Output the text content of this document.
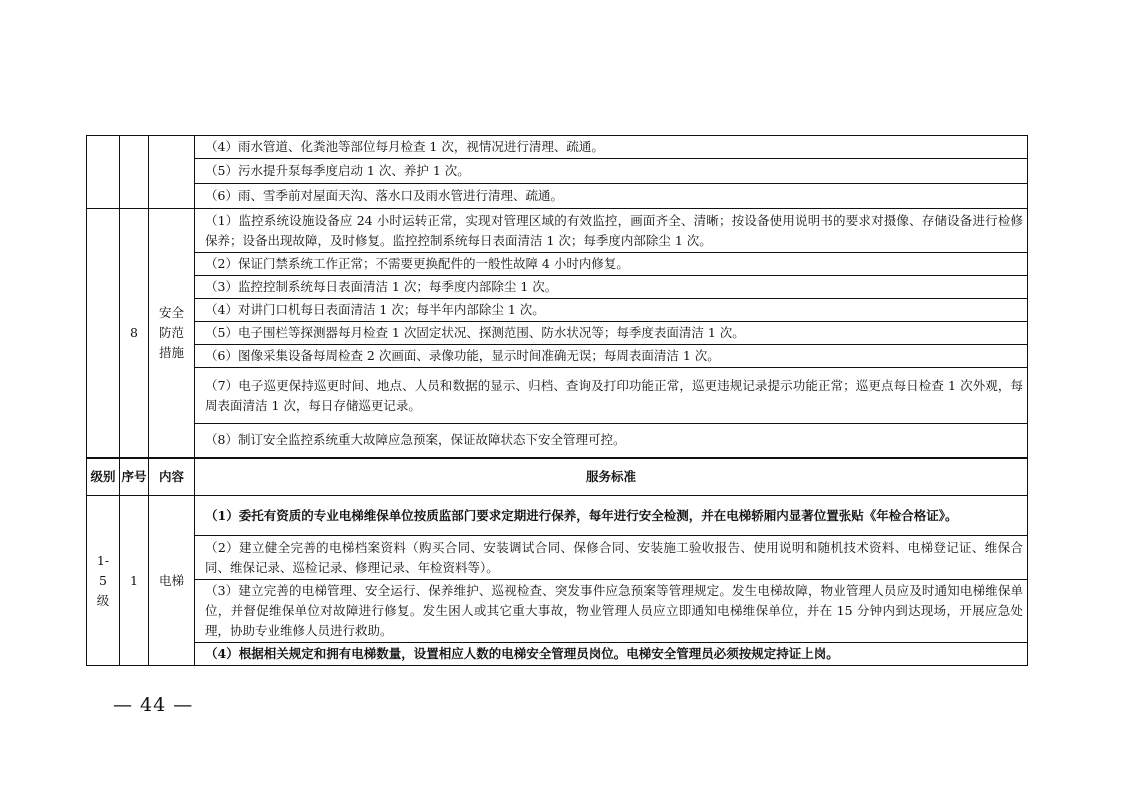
			（4）雨水管道、化粪池等部位每月检查 1 次，视情况进行清理、疏通。
			（5）污水提升泵每季度启动 1 次、养护 1 次。
			（6）雨、雪季前对屋面天沟、落水口及雨水管进行清理、疏通。
	8	安全防范措施	（1）监控系统设施设备应 24 小时运转正常，实现对管理区域的有效监控，画面齐全、清晰；按设备使用说明书的要求对摄像、存储设备进行检修保养；设备出现故障，及时修复。监控控制系统每日表面清洁 1 次；每季度内部除尘 1 次。
			（2）保证门禁系统工作正常；不需要更换配件的一般性故障 4 小时内修复。
			（3）监控控制系统每日表面清洁 1 次；每季度内部除尘 1 次。
			（4）对讲门口机每日表面清洁 1 次；每半年内部除尘 1 次。
			（5）电子围栏等探测器每月检查 1 次固定状况、探测范围、防水状况等；每季度表面清洁 1 次。
			（6）图像采集设备每周检查 2 次画面、录像功能，显示时间准确无误；每周表面清洁 1 次。
			（7）电子巡更保持巡更时间、地点、人员和数据的显示、归档、查询及打印功能正常，巡更违规记录提示功能正常；巡更点每日检查 1 次外观，每周表面清洁 1 次，每日存储巡更记录。
			（8）制订安全监控系统重大故障应急预案，保证故障状态下安全管理可控。
级别	序号	内容	服务标准
1-5级	1	电梯	（1）委托有资质的专业电梯维保单位按质监部门要求定期进行保养，每年进行安全检测，并在电梯轿厢内显著位置张贴《年检合格证》。
			（2）建立健全完善的电梯档案资料（购买合同、安装调试合同、保修合同、安装施工验收报告、使用说明和随机技术资料、电梯登记证、维保合同、维保记录、巡检记录、修理记录、年检资料等）。
			（3）建立完善的电梯管理、安全运行、保养维护、巡视检查、突发事件应急预案等管理规定。发生电梯故障，物业管理人员应及时通知电梯维保单位，并督促维保单位对故障进行修复。发生困人或其它重大事故，物业管理人员应立即通知电梯维保单位，并在 15 分钟内到达现场，开展应急处理，协助专业维修人员进行救助。
			（4）根据相关规定和拥有电梯数量，设置相应人数的电梯安全管理员岗位。电梯安全管理员必须按规定持证上岗。
— 44 —
